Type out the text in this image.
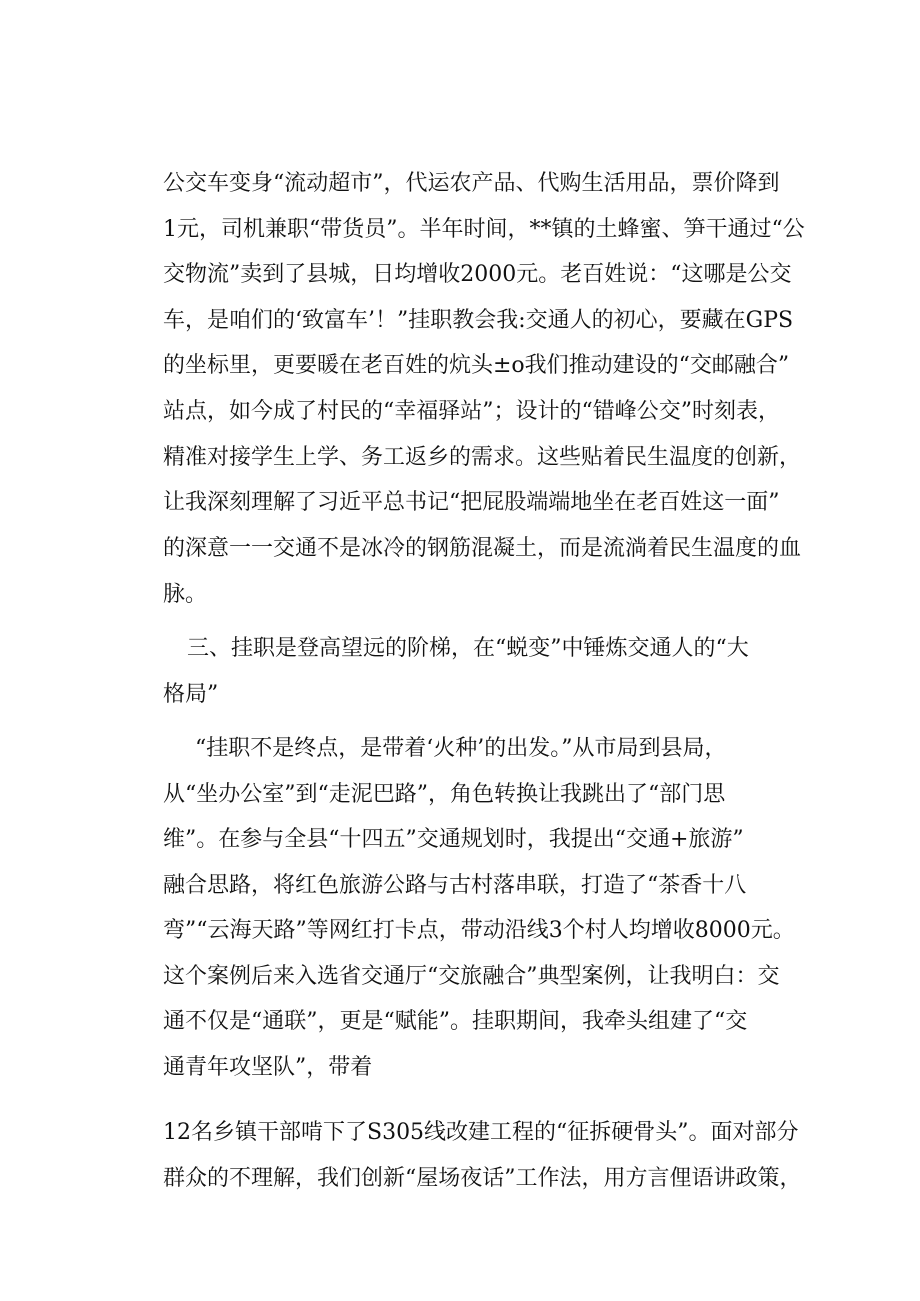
公交车变身“流动超市”，代运农产品、代购生活用品，票价降到
1元，司机兼职“带货员”。半年时间，**镇的土蜂蜜、笋干通过“公
交物流”卖到了县城，日均增收2000元。老百姓说：“这哪是公交
车，是咱们的‘致富车’！”挂职教会我:交通人的初心，要藏在GPS
的坐标里，更要暖在老百姓的炕头±o我们推动建设的“交邮融合”
站点，如今成了村民的“幸福驿站”；设计的“错峰公交”时刻表，
精准对接学生上学、务工返乡的需求。这些贴着民生温度的创新，
让我深刻理解了习近平总书记“把屁股端端地坐在老百姓这一面”
的深意一一交通不是冰冷的钢筋混凝土，而是流淌着民生温度的血
脉。
三、挂职是登高望远的阶梯，在“蜕变”中锤炼交通人的“大
格局”
“挂职不是终点，是带着‘火种’的出发。”从市局到县局，
从“坐办公室”到“走泥巴路”，角色转换让我跳出了“部门思
维”。在参与全县“十四五”交通规划时，我提出“交通+旅游”
融合思路，将红色旅游公路与古村落串联，打造了“茶香十八
弯”“云海天路”等网红打卡点，带动沿线3个村人均增收8000元。
这个案例后来入选省交通厅“交旅融合”典型案例，让我明白：交
通不仅是“通联”，更是“赋能”。挂职期间，我牵头组建了“交
通青年攻坚队”，带着
12名乡镇干部啃下了S305线改建工程的“征拆硬骨头”。面对部分
群众的不理解，我们创新“屋场夜话”工作法，用方言俚语讲政策，
